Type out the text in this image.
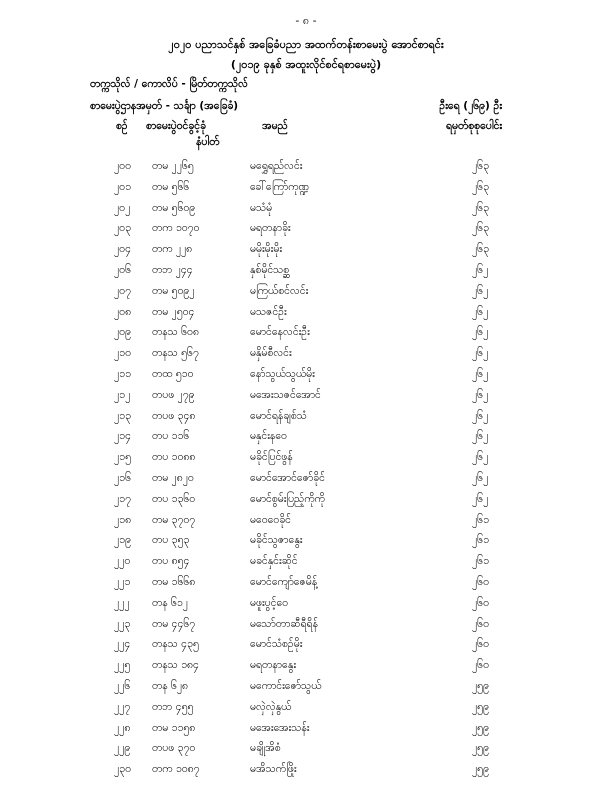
- ၈ -
၂၀၂၀ ပညာသင်နှစ် အခြေခံပညာ အထက်တန်းစာမေးပွဲ အောင်စာရင်း
(၂၀၁၉ ခုနှစ် အထူးလိုင်စင်ရစာမေးပွဲ)
တက္ကသိုလ် / ကောလိပ် - မြိတ်တက္ကသိုလ်
စာမေးပွဲဌာနအမှတ် - သင်္ချာ (အခြေခံ)	ဦးရေ (၂၆၉) ဦး
စဉ် စာမေးပွဲဝင်ခွင့်ခုံ
နံပါတ်
အမည်	ရမှတ်စုစုပေါင်း
၂၀၀ တမ ၂၂၆၅	မရွှေရည်လင်း	၂၆၃
၂၀၁ တမ ၅၆၆	ခေါ်ကြော်ကုဏ္ဍ	၂၆၃
၂၀၂ တမ ၅၆၀၉	မသံမုံ	၂၆၃
၂၀၃ တက ၁၀၇၀	မရတနာခိုး	၂၆၃
၂၀၄ တက ၂၂၈	မမိုးမိုးမိုး	၂၆၃
၂၀၆ တဘ ၂၄၄	နှစ်မိုင်သစ္ဆ	၂၆၂
၂၀၇ တမ ၅၀၉၂	မကြယ်စင်လင်း	၂၆၂
၂၀၈ တမ ၂၅၀၄	မသဇင်ဦး	၂၆၂
၂၀၉ တနသ ၆၀၈	မောင်နေလင်းဦး	၂၆၂
၂၁၀ တနသ ၅၆၇	မနှိမ်စီလင်း	၂၆၂
၂၁၁ တထ ၅၁၀	နော်သွယ်သွယ်မိုး	၂၆၂
၂၁၂ တပဖ ၂၇၉	မအေးသဇင်အောင်	၂၆၂
၂၁၃ တပဖ ၃၄၈	မောင်ရန်ချစ်သံ	၂၆၂
၂၁၄ တပ ၁၁၆	မနှင်းနဝေ	၂၆၂
၂၁၅ တပ ၁၀၈၈	မခိုင်ပြင်ဖွန်	၂၆၂
၂၁၆ တမ ၂၈၂၀	မောင်အောင်ဇော်ခိုင်	၂၆၂
၂၁၇ တပ ၁၃၆၀	မောင်စွမ်းပြည့်ကိုကို	၂၆၂
၂၁၈ တမ ၃၇၀၇	မဝေဝေခိုင်	၂၆၁
၂၁၉ တပ ၃၅၃	မခိုင်သွဇာနွေး	၂၆၁
၂၂၀ တပ ၈၅၄	မခင်နှင်းဆိုင်	၂၆၁
၂၂၁ တမ ၁၆၆၈	မောင်ကျော်ဇေမိန့်	၂၆၀
၂၂၂ တန ၆၁၂	မဖူးပွင့်ဝေ	၂၆၀
၂၂၃ တမ ၄၄၆၇	မသော်တာဆီရီရိန်	၂၆၀
၂၂၄ တနသ ၄၃၅	မောင်သံစဉ်မိုး	၂၆၀
၂၂၅ တနသ ၁၈၄	မရတနာနွေး	၂၆၀
၂၂၆ တန ၆၂၈	မကောင်းဇော်သွယ်	၂၅၉
၂၂၇ တဘ ၄၅၅	မလှဲလှဲနွယ်	၂၅၉
၂၂၈ တမ ၁၁၅၈	မအေးအေးသန်း	၂၅၉
၂၂၉ တပဖ ၃၇၀	မချိုအိစံ	၂၅၉
၂၃၀ တက ၁၀၈၇	မအိသက်ဖြိုး	၂၅၉
